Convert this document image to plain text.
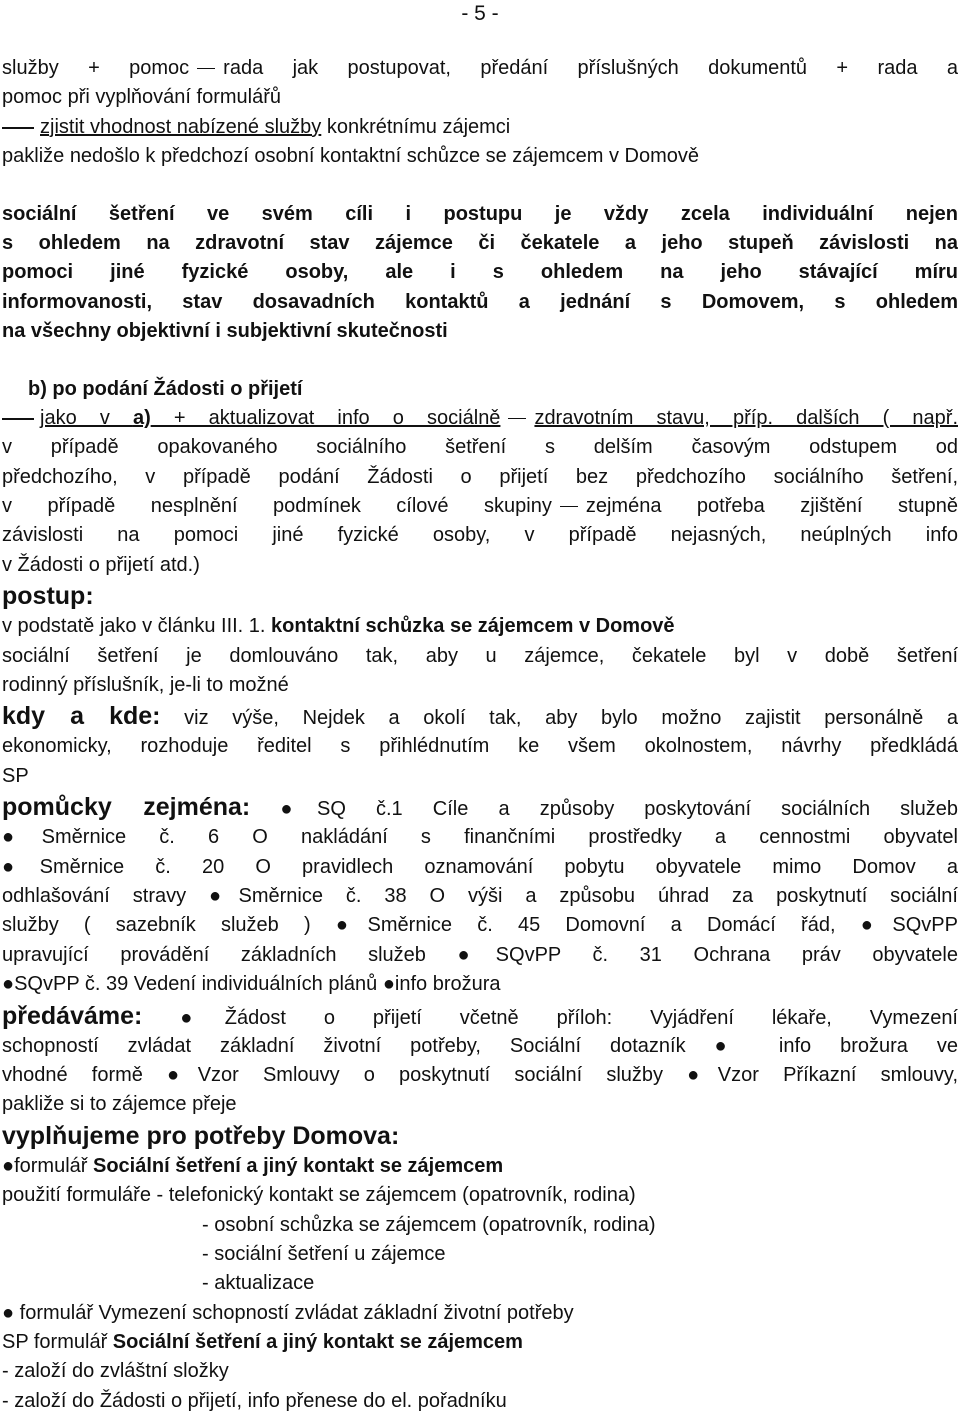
- 5 -
služby + pomoc rada jak postupovat, předání příslušných dokumentů + rada a
pomoc při vyplňování formulářů
zjistit vhodnost nabízené služby konkrétnímu zájemci
pakliže nedošlo k předchozí osobní kontaktní schůzce se zájemcem v Domově
sociální šetření ve svém cíli i postupu je vždy zcela individuální nejen
s ohledem na zdravotní stav zájemce či čekatele a jeho stupeň závislosti na
pomoci jiné fyzické osoby, ale i s ohledem na jeho stávající míru
informovanosti, stav dosavadních kontaktů a jednání s Domovem, s ohledem
na všechny objektivní i subjektivní skutečnosti
b) po podání Žádosti o přijetí
jako v a) + aktualizovat info o sociálně zdravotním stavu, příp. dalších ( např.
v případě opakovaného sociálního šetření s delším časovým odstupem od
předchozího, v případě podání Žádosti o přijetí bez předchozího sociálního šetření,
v případě nesplnění podmínek cílové skupiny zejména potřeba zjištění stupně
závislosti na pomoci jiné fyzické osoby, v případě nejasných, neúplných info
v Žádosti o přijetí atd.)
postup:
v podstatě jako v článku III. 1. kontaktní schůzka se zájemcem v Domově
sociální šetření je domlouváno tak, aby u zájemce, čekatele byl v době šetření
rodinný příslušník, je-li to možné
kdy a kde: viz výše, Nejdek a okolí tak, aby bylo možno zajistit personálně a
ekonomicky, rozhoduje ředitel s přihlédnutím ke všem okolnostem, návrhy předkládá
SP
pomůcky zejména: ●SQ č.1 Cíle a způsoby poskytování sociálních služeb
●Směrnice č. 6 O nakládání s finančními prostředky a cennostmi obyvatel
●Směrnice č. 20 O pravidlech oznamování pobytu obyvatele mimo Domov a
odhlašování stravy ●Směrnice č. 38 O výši a způsobu úhrad za poskytnutí sociální
služby ( sazebník služeb ) ●Směrnice č. 45 Domovní a Domácí řád, ●SQvPP
upravující provádění základních služeb ●SQvPP č. 31 Ochrana práv obyvatele
●SQvPP č. 39 Vedení individuálních plánů ●info brožura
předáváme: ●Žádost o přijetí včetně příloh: Vyjádření lékaře, Vymezení
schopností zvládat základní životní potřeby, Sociální dotazník ● info brožura ve
vhodné formě ●Vzor Smlouvy o poskytnutí sociální služby ●Vzor Příkazní smlouvy,
pakliže si to zájemce přeje
vyplňujeme pro potřeby Domova:
●formulář Sociální šetření a jiný kontakt se zájemcem
použití formuláře - telefonický kontakt se zájemcem (opatrovník, rodina)
- osobní schůzka se zájemcem (opatrovník, rodina)
- sociální šetření u zájemce
- aktualizace
● formulář Vymezení schopností zvládat základní životní potřeby
SP formulář Sociální šetření a jiný kontakt se zájemcem
- založí do zvláštní složky
- založí do Žádosti o přijetí, info přenese do el. pořadníku
